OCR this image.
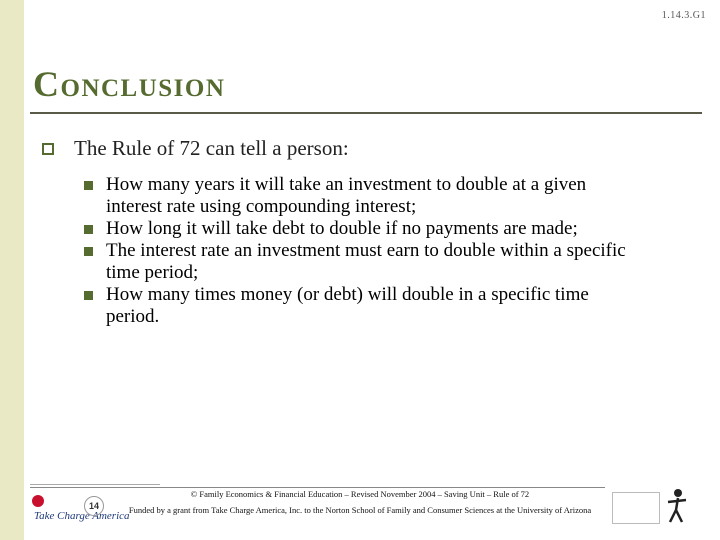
1.14.3.G1
Conclusion
The Rule of 72 can tell a person:
How many years it will take an investment to double at a given interest rate using compounding interest;
How long it will take debt to double if no payments are made;
The interest rate an investment must earn to double within a specific time period;
How many times money (or debt) will double in a specific time period.
Take Charge America
14
© Family Economics & Financial Education – Revised November 2004 – Saving Unit – Rule of 72
Funded by a grant from Take Charge America, Inc. to the Norton School of Family and Consumer Sciences at the University of Arizona
